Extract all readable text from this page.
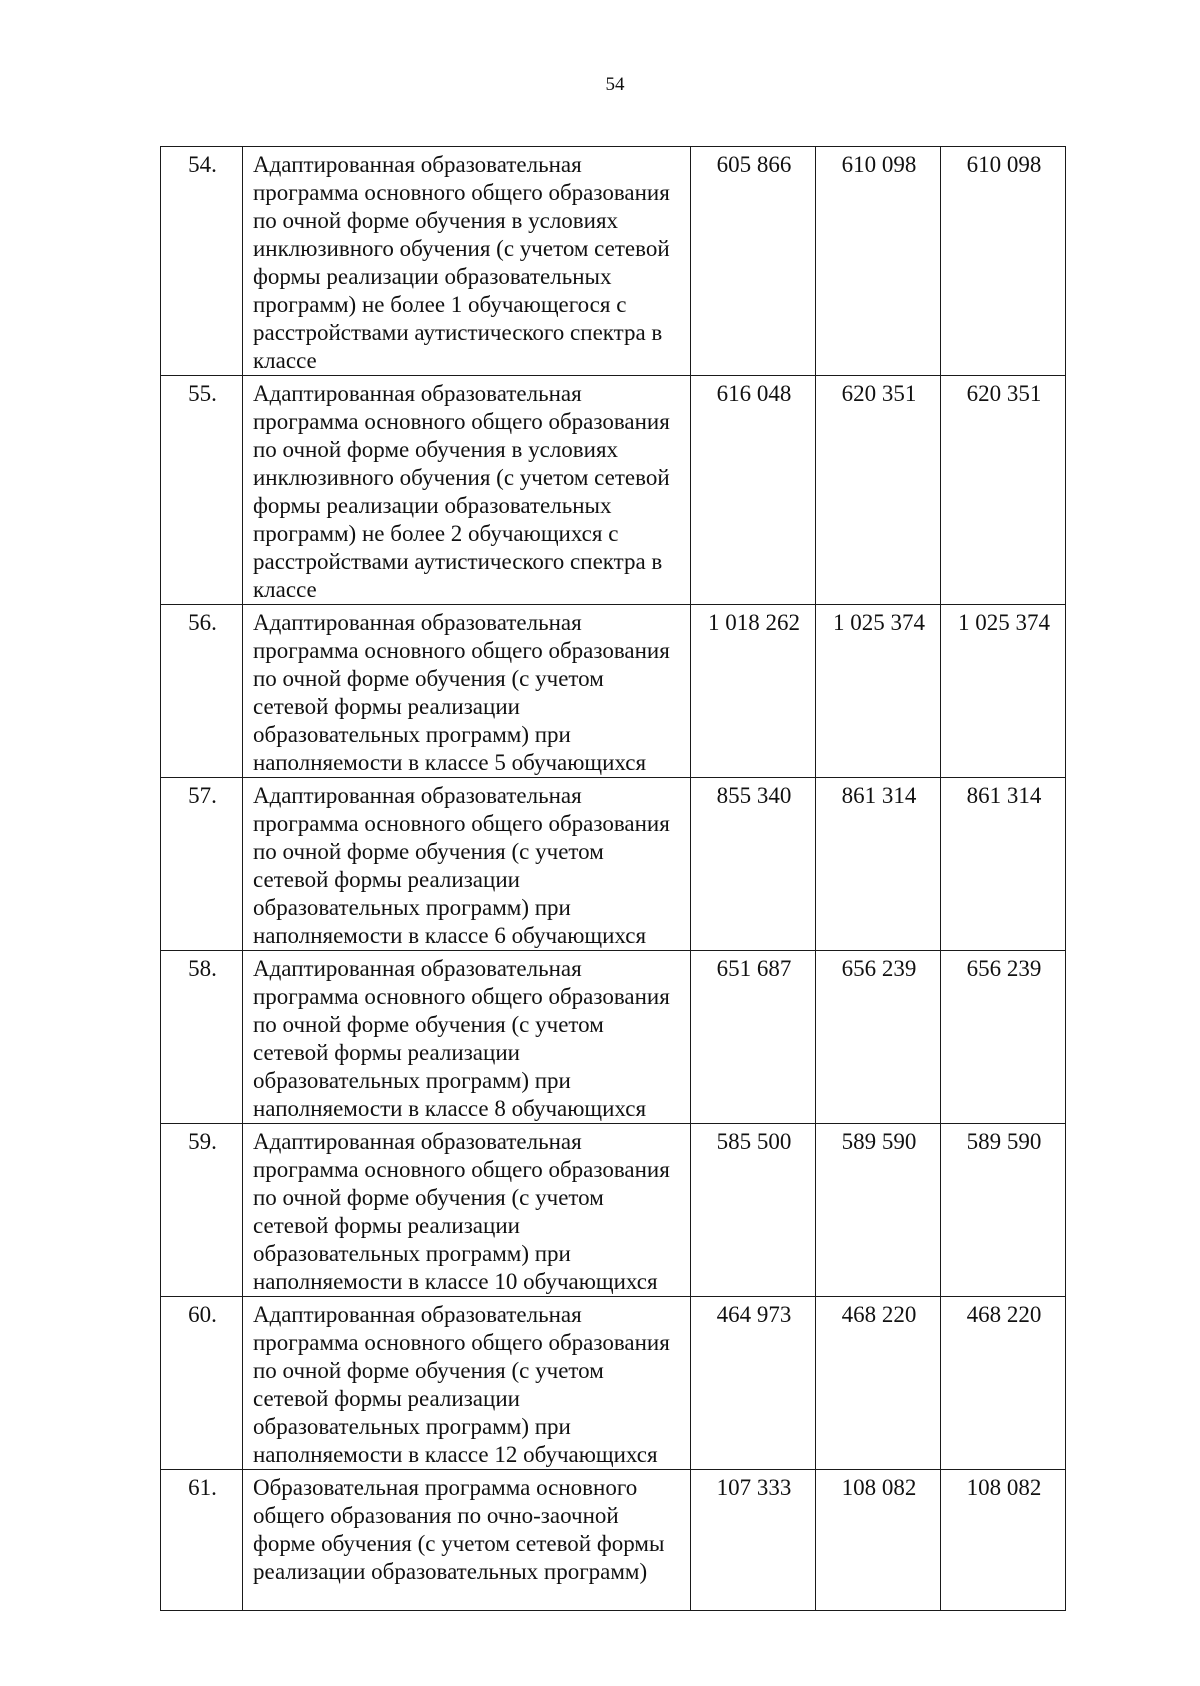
54
54.	Адаптированная образовательная программа основного общего образования по очной форме обучения в условиях инклюзивного обучения (с учетом сетевой формы реализации образовательных программ) не более 1 обучающегося с расстройствами аутистического спектра в классе	605 866	610 098	610 098
55.	Адаптированная образовательная программа основного общего образования по очной форме обучения в условиях инклюзивного обучения (с учетом сетевой формы реализации образовательных программ) не более 2 обучающихся с расстройствами аутистического спектра в классе	616 048	620 351	620 351
56.	Адаптированная образовательная программа основного общего образования по очной форме обучения (с учетом сетевой формы реализации образовательных программ) при наполняемости в классе 5 обучающихся	1 018 262	1 025 374	1 025 374
57.	Адаптированная образовательная программа основного общего образования по очной форме обучения (с учетом сетевой формы реализации образовательных программ) при наполняемости в классе 6 обучающихся	855 340	861 314	861 314
58.	Адаптированная образовательная программа основного общего образования по очной форме обучения (с учетом сетевой формы реализации образовательных программ) при наполняемости в классе 8 обучающихся	651 687	656 239	656 239
59.	Адаптированная образовательная программа основного общего образования по очной форме обучения (с учетом сетевой формы реализации образовательных программ) при наполняемости в классе 10 обучающихся	585 500	589 590	589 590
60.	Адаптированная образовательная программа основного общего образования по очной форме обучения (с учетом сетевой формы реализации образовательных программ) при наполняемости в классе 12 обучающихся	464 973	468 220	468 220
61.	Образовательная программа основного общего образования по очно-заочной форме обучения (с учетом сетевой формы реализации образовательных программ)	107 333	108 082	108 082
